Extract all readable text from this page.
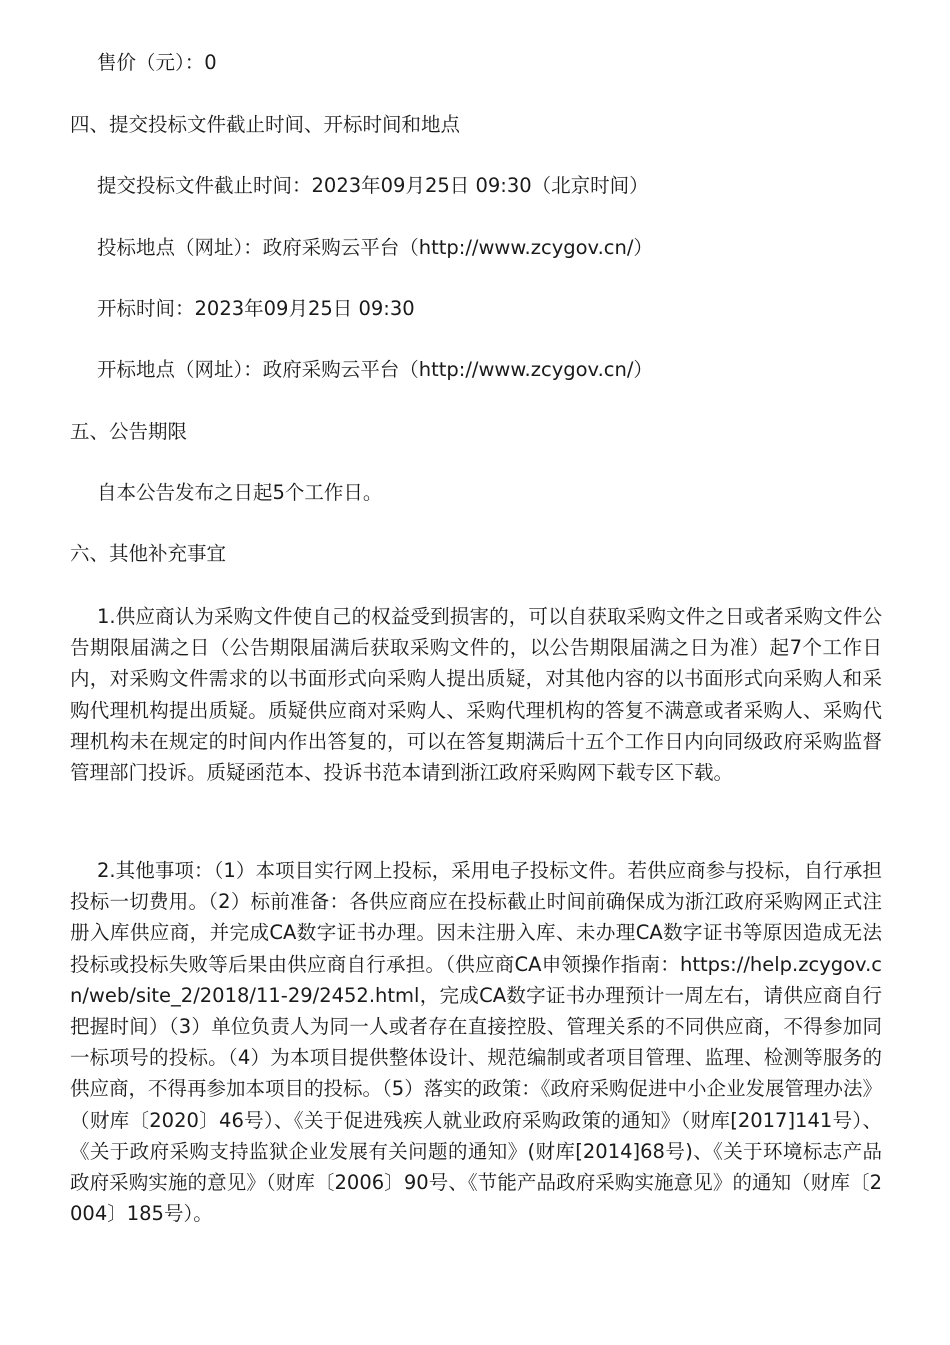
售价（元）：0
四、提交投标文件截止时间、开标时间和地点
提交投标文件截止时间：2023年09月25日 09:30（北京时间）
投标地点（网址）：政府采购云平台（http://www.zcygov.cn/）
开标时间：2023年09月25日 09:30
开标地点（网址）：政府采购云平台（http://www.zcygov.cn/）
五、公告期限
自本公告发布之日起5个工作日。
六、其他补充事宜
1.供应商认为采购文件使自己的权益受到损害的，可以自获取采购文件之日或者采购文件公告期限届满之日（公告期限届满后获取采购文件的，以公告期限届满之日为准）起7个工作日内，对采购文件需求的以书面形式向采购人提出质疑，对其他内容的以书面形式向采购人和采购代理机构提出质疑。质疑供应商对采购人、采购代理机构的答复不满意或者采购人、采购代理机构未在规定的时间内作出答复的，可以在答复期满后十五个工作日内向同级政府采购监督管理部门投诉。质疑函范本、投诉书范本请到浙江政府采购网下载专区下载。
2.其他事项：（1）本项目实行网上投标，采用电子投标文件。若供应商参与投标，自行承担投标一切费用。（2）标前准备：各供应商应在投标截止时间前确保成为浙江政府采购网正式注册入库供应商，并完成CA数字证书办理。因未注册入库、未办理CA数字证书等原因造成无法投标或投标失败等后果由供应商自行承担。（供应商CA申领操作指南：https://help.zcygov.cn/web/site_2/2018/11-29/2452.html，完成CA数字证书办理预计一周左右，请供应商自行把握时间）（3）单位负责人为同一人或者存在直接控股、管理关系的不同供应商，不得参加同一标项号的投标。（4）为本项目提供整体设计、规范编制或者项目管理、监理、检测等服务的供应商，不得再参加本项目的投标。（5）落实的政策：《政府采购促进中小企业发展管理办法》（财库〔2020〕46号）、《关于促进残疾人就业政府采购政策的通知》（财库[2017]141号）、《关于政府采购支持监狱企业发展有关问题的通知》(财库[2014]68号)、《关于环境标志产品政府采购实施的意见》（财库〔2006〕90号、《节能产品政府采购实施意见》的通知（财库〔2004〕185号）。
